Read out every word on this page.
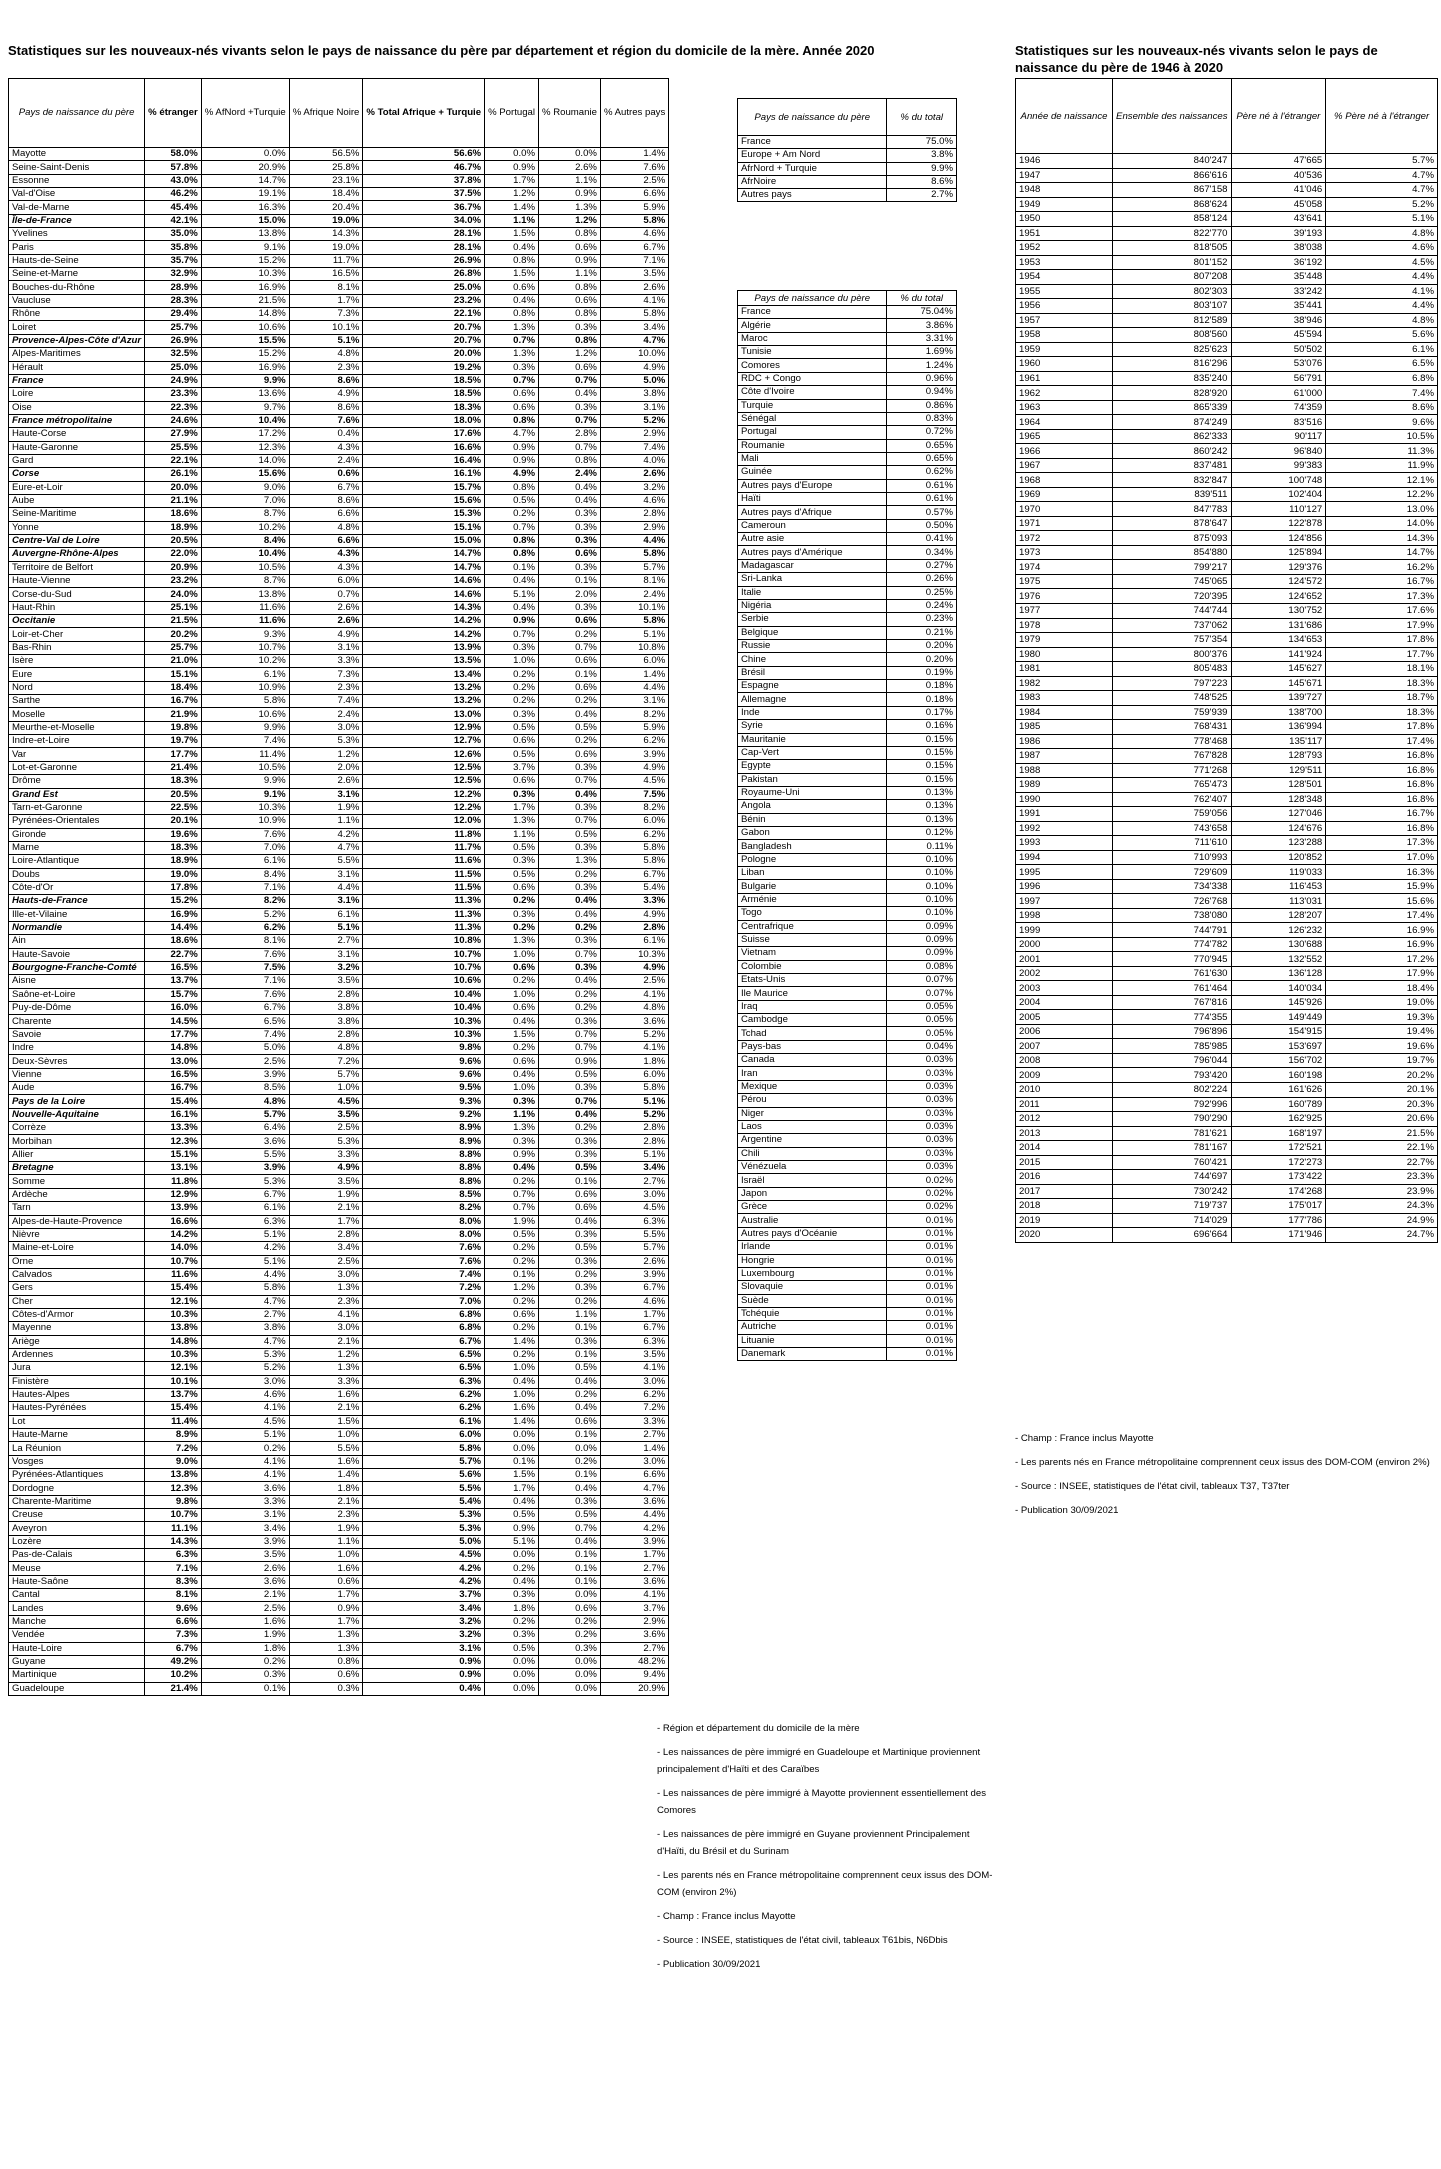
Statistiques sur les nouveaux-nés vivants selon le pays de naissance du père par département et région du domicile de la mère. Année 2020	Statistiques sur les nouveaux-nés vivants selon le pays de naissance du père de 1946 à 2020
Pays de naissance du père	% étranger	% AfNord +Turquie	% Afrique Noire	% Total Afrique + Turquie	% Portugal	% Roumanie	% Autres pays
Mayotte	58.0%	0.0%	56.5%	56.6%	0.0%	0.0%	1.4%
Seine-Saint-Denis	57.8%	20.9%	25.8%	46.7%	0.9%	2.6%	7.6%
Essonne	43.0%	14.7%	23.1%	37.8%	1.7%	1.1%	2.5%
Val-d'Oise	46.2%	19.1%	18.4%	37.5%	1.2%	0.9%	6.6%
Val-de-Marne	45.4%	16.3%	20.4%	36.7%	1.4%	1.3%	5.9%
Île-de-France	42.1%	15.0%	19.0%	34.0%	1.1%	1.2%	5.8%
Yvelines	35.0%	13.8%	14.3%	28.1%	1.5%	0.8%	4.6%
Paris	35.8%	9.1%	19.0%	28.1%	0.4%	0.6%	6.7%
Hauts-de-Seine	35.7%	15.2%	11.7%	26.9%	0.8%	0.9%	7.1%
Seine-et-Marne	32.9%	10.3%	16.5%	26.8%	1.5%	1.1%	3.5%
Bouches-du-Rhône	28.9%	16.9%	8.1%	25.0%	0.6%	0.8%	2.6%
Vaucluse	28.3%	21.5%	1.7%	23.2%	0.4%	0.6%	4.1%
Rhône	29.4%	14.8%	7.3%	22.1%	0.8%	0.8%	5.8%
Loiret	25.7%	10.6%	10.1%	20.7%	1.3%	0.3%	3.4%
Provence-Alpes-Côte d'Azur	26.9%	15.5%	5.1%	20.7%	0.7%	0.8%	4.7%
Alpes-Maritimes	32.5%	15.2%	4.8%	20.0%	1.3%	1.2%	10.0%
Hérault	25.0%	16.9%	2.3%	19.2%	0.3%	0.6%	4.9%
France	24.9%	9.9%	8.6%	18.5%	0.7%	0.7%	5.0%
Loire	23.3%	13.6%	4.9%	18.5%	0.6%	0.4%	3.8%
Oise	22.3%	9.7%	8.6%	18.3%	0.6%	0.3%	3.1%
France métropolitaine	24.6%	10.4%	7.6%	18.0%	0.8%	0.7%	5.2%
Haute-Corse	27.9%	17.2%	0.4%	17.6%	4.7%	2.8%	2.9%
Haute-Garonne	25.5%	12.3%	4.3%	16.6%	0.9%	0.7%	7.4%
Gard	22.1%	14.0%	2.4%	16.4%	0.9%	0.8%	4.0%
Corse	26.1%	15.6%	0.6%	16.1%	4.9%	2.4%	2.6%
Eure-et-Loir	20.0%	9.0%	6.7%	15.7%	0.8%	0.4%	3.2%
Aube	21.1%	7.0%	8.6%	15.6%	0.5%	0.4%	4.6%
Seine-Maritime	18.6%	8.7%	6.6%	15.3%	0.2%	0.3%	2.8%
Yonne	18.9%	10.2%	4.8%	15.1%	0.7%	0.3%	2.9%
Centre-Val de Loire	20.5%	8.4%	6.6%	15.0%	0.8%	0.3%	4.4%
Auvergne-Rhône-Alpes	22.0%	10.4%	4.3%	14.7%	0.8%	0.6%	5.8%
Territoire de Belfort	20.9%	10.5%	4.3%	14.7%	0.1%	0.3%	5.7%
Haute-Vienne	23.2%	8.7%	6.0%	14.6%	0.4%	0.1%	8.1%
Corse-du-Sud	24.0%	13.8%	0.7%	14.6%	5.1%	2.0%	2.4%
Haut-Rhin	25.1%	11.6%	2.6%	14.3%	0.4%	0.3%	10.1%
Occitanie	21.5%	11.6%	2.6%	14.2%	0.9%	0.6%	5.8%
Loir-et-Cher	20.2%	9.3%	4.9%	14.2%	0.7%	0.2%	5.1%
Bas-Rhin	25.7%	10.7%	3.1%	13.9%	0.3%	0.7%	10.8%
Isère	21.0%	10.2%	3.3%	13.5%	1.0%	0.6%	6.0%
Eure	15.1%	6.1%	7.3%	13.4%	0.2%	0.1%	1.4%
Nord	18.4%	10.9%	2.3%	13.2%	0.2%	0.6%	4.4%
Sarthe	16.7%	5.8%	7.4%	13.2%	0.2%	0.2%	3.1%
Moselle	21.9%	10.6%	2.4%	13.0%	0.3%	0.4%	8.2%
Meurthe-et-Moselle	19.8%	9.9%	3.0%	12.9%	0.5%	0.5%	5.9%
Indre-et-Loire	19.7%	7.4%	5.3%	12.7%	0.6%	0.2%	6.2%
Var	17.7%	11.4%	1.2%	12.6%	0.5%	0.6%	3.9%
Lot-et-Garonne	21.4%	10.5%	2.0%	12.5%	3.7%	0.3%	4.9%
Drôme	18.3%	9.9%	2.6%	12.5%	0.6%	0.7%	4.5%
Grand Est	20.5%	9.1%	3.1%	12.2%	0.3%	0.4%	7.5%
Tarn-et-Garonne	22.5%	10.3%	1.9%	12.2%	1.7%	0.3%	8.2%
Pyrénées-Orientales	20.1%	10.9%	1.1%	12.0%	1.3%	0.7%	6.0%
Gironde	19.6%	7.6%	4.2%	11.8%	1.1%	0.5%	6.2%
Marne	18.3%	7.0%	4.7%	11.7%	0.5%	0.3%	5.8%
Loire-Atlantique	18.9%	6.1%	5.5%	11.6%	0.3%	1.3%	5.8%
Doubs	19.0%	8.4%	3.1%	11.5%	0.5%	0.2%	6.7%
Côte-d'Or	17.8%	7.1%	4.4%	11.5%	0.6%	0.3%	5.4%
Hauts-de-France	15.2%	8.2%	3.1%	11.3%	0.2%	0.4%	3.3%
Ille-et-Vilaine	16.9%	5.2%	6.1%	11.3%	0.3%	0.4%	4.9%
Normandie	14.4%	6.2%	5.1%	11.3%	0.2%	0.2%	2.8%
Ain	18.6%	8.1%	2.7%	10.8%	1.3%	0.3%	6.1%
Haute-Savoie	22.7%	7.6%	3.1%	10.7%	1.0%	0.7%	10.3%
Bourgogne-Franche-Comté	16.5%	7.5%	3.2%	10.7%	0.6%	0.3%	4.9%
Aisne	13.7%	7.1%	3.5%	10.6%	0.2%	0.4%	2.5%
Saône-et-Loire	15.7%	7.6%	2.8%	10.4%	1.0%	0.2%	4.1%
Puy-de-Dôme	16.0%	6.7%	3.8%	10.4%	0.6%	0.2%	4.8%
Charente	14.5%	6.5%	3.8%	10.3%	0.4%	0.3%	3.6%
Savoie	17.7%	7.4%	2.8%	10.3%	1.5%	0.7%	5.2%
Indre	14.8%	5.0%	4.8%	9.8%	0.2%	0.7%	4.1%
Deux-Sèvres	13.0%	2.5%	7.2%	9.6%	0.6%	0.9%	1.8%
Vienne	16.5%	3.9%	5.7%	9.6%	0.4%	0.5%	6.0%
Aude	16.7%	8.5%	1.0%	9.5%	1.0%	0.3%	5.8%
Pays de la Loire	15.4%	4.8%	4.5%	9.3%	0.3%	0.7%	5.1%
Nouvelle-Aquitaine	16.1%	5.7%	3.5%	9.2%	1.1%	0.4%	5.2%
Corrèze	13.3%	6.4%	2.5%	8.9%	1.3%	0.2%	2.8%
Morbihan	12.3%	3.6%	5.3%	8.9%	0.3%	0.3%	2.8%
Allier	15.1%	5.5%	3.3%	8.8%	0.9%	0.3%	5.1%
Bretagne	13.1%	3.9%	4.9%	8.8%	0.4%	0.5%	3.4%
Somme	11.8%	5.3%	3.5%	8.8%	0.2%	0.1%	2.7%
Ardèche	12.9%	6.7%	1.9%	8.5%	0.7%	0.6%	3.0%
Tarn	13.9%	6.1%	2.1%	8.2%	0.7%	0.6%	4.5%
Alpes-de-Haute-Provence	16.6%	6.3%	1.7%	8.0%	1.9%	0.4%	6.3%
Nièvre	14.2%	5.1%	2.8%	8.0%	0.5%	0.3%	5.5%
Maine-et-Loire	14.0%	4.2%	3.4%	7.6%	0.2%	0.5%	5.7%
Orne	10.7%	5.1%	2.5%	7.6%	0.2%	0.3%	2.6%
Calvados	11.6%	4.4%	3.0%	7.4%	0.1%	0.2%	3.9%
Gers	15.4%	5.8%	1.3%	7.2%	1.2%	0.3%	6.7%
Cher	12.1%	4.7%	2.3%	7.0%	0.2%	0.2%	4.6%
Côtes-d'Armor	10.3%	2.7%	4.1%	6.8%	0.6%	1.1%	1.7%
Mayenne	13.8%	3.8%	3.0%	6.8%	0.2%	0.1%	6.7%
Ariège	14.8%	4.7%	2.1%	6.7%	1.4%	0.3%	6.3%
Ardennes	10.3%	5.3%	1.2%	6.5%	0.2%	0.1%	3.5%
Jura	12.1%	5.2%	1.3%	6.5%	1.0%	0.5%	4.1%
Finistère	10.1%	3.0%	3.3%	6.3%	0.4%	0.4%	3.0%
Hautes-Alpes	13.7%	4.6%	1.6%	6.2%	1.0%	0.2%	6.2%
Hautes-Pyrénées	15.4%	4.1%	2.1%	6.2%	1.6%	0.4%	7.2%
Lot	11.4%	4.5%	1.5%	6.1%	1.4%	0.6%	3.3%
Haute-Marne	8.9%	5.1%	1.0%	6.0%	0.0%	0.1%	2.7%
La Réunion	7.2%	0.2%	5.5%	5.8%	0.0%	0.0%	1.4%
Vosges	9.0%	4.1%	1.6%	5.7%	0.1%	0.2%	3.0%
Pyrénées-Atlantiques	13.8%	4.1%	1.4%	5.6%	1.5%	0.1%	6.6%
Dordogne	12.3%	3.6%	1.8%	5.5%	1.7%	0.4%	4.7%
Charente-Maritime	9.8%	3.3%	2.1%	5.4%	0.4%	0.3%	3.6%
Creuse	10.7%	3.1%	2.3%	5.3%	0.5%	0.5%	4.4%
Aveyron	11.1%	3.4%	1.9%	5.3%	0.9%	0.7%	4.2%
Lozère	14.3%	3.9%	1.1%	5.0%	5.1%	0.4%	3.9%
Pas-de-Calais	6.3%	3.5%	1.0%	4.5%	0.0%	0.1%	1.7%
Meuse	7.1%	2.6%	1.6%	4.2%	0.2%	0.1%	2.7%
Haute-Saône	8.3%	3.6%	0.6%	4.2%	0.4%	0.1%	3.6%
Cantal	8.1%	2.1%	1.7%	3.7%	0.3%	0.0%	4.1%
Landes	9.6%	2.5%	0.9%	3.4%	1.8%	0.6%	3.7%
Manche	6.6%	1.6%	1.7%	3.2%	0.2%	0.2%	2.9%
Vendée	7.3%	1.9%	1.3%	3.2%	0.3%	0.2%	3.6%
Haute-Loire	6.7%	1.8%	1.3%	3.1%	0.5%	0.3%	2.7%
Guyane	49.2%	0.2%	0.8%	0.9%	0.0%	0.0%	48.2%
Martinique	10.2%	0.3%	0.6%	0.9%	0.0%	0.0%	9.4%
Guadeloupe	21.4%	0.1%	0.3%	0.4%	0.0%	0.0%	20.9%
Pays de naissance du père	% du total
France	75.0%
Europe + Am Nord	3.8%
AfrNord + Turquie	9.9%
AfrNoire	8.6%
Autres pays	2.7%
Pays de naissance du père	% du total
France	75.04%
Algérie	3.86%
Maroc	3.31%
Tunisie	1.69%
Comores	1.24%
RDC + Congo	0.96%
Côte d'Ivoire	0.94%
Turquie	0.86%
Sénégal	0.83%
Portugal	0.72%
Roumanie	0.65%
Mali	0.65%
Guinée	0.62%
Autres pays d'Europe	0.61%
Haïti	0.61%
Autres pays d'Afrique	0.57%
Cameroun	0.50%
Autre asie	0.41%
Autres pays d'Amérique	0.34%
Madagascar	0.27%
Sri-Lanka	0.26%
Italie	0.25%
Nigéria	0.24%
Serbie	0.23%
Belgique	0.21%
Russie	0.20%
Chine	0.20%
Brésil	0.19%
Espagne	0.18%
Allemagne	0.18%
Inde	0.17%
Syrie	0.16%
Mauritanie	0.15%
Cap-Vert	0.15%
Egypte	0.15%
Pakistan	0.15%
Royaume-Uni	0.13%
Angola	0.13%
Bénin	0.13%
Gabon	0.12%
Bangladesh	0.11%
Pologne	0.10%
Liban	0.10%
Bulgarie	0.10%
Arménie	0.10%
Togo	0.10%
Centrafrique	0.09%
Suisse	0.09%
Vietnam	0.09%
Colombie	0.08%
Etats-Unis	0.07%
Ile Maurice	0.07%
Iraq	0.05%
Cambodge	0.05%
Tchad	0.05%
Pays-bas	0.04%
Canada	0.03%
Iran	0.03%
Mexique	0.03%
Pérou	0.03%
Niger	0.03%
Laos	0.03%
Argentine	0.03%
Chili	0.03%
Vénézuela	0.03%
Israël	0.02%
Japon	0.02%
Grèce	0.02%
Australie	0.01%
Autres pays d'Océanie	0.01%
Irlande	0.01%
Hongrie	0.01%
Luxembourg	0.01%
Slovaquie	0.01%
Suède	0.01%
Tchéquie	0.01%
Autriche	0.01%
Lituanie	0.01%
Danemark	0.01%
Année de naissance	Ensemble des naissances	Père né à l'étranger	% Père né à l'étranger
1946	840'247	47'665	5.7%
1947	866'616	40'536	4.7%
1948	867'158	41'046	4.7%
1949	868'624	45'058	5.2%
1950	858'124	43'641	5.1%
1951	822'770	39'193	4.8%
1952	818'505	38'038	4.6%
1953	801'152	36'192	4.5%
1954	807'208	35'448	4.4%
1955	802'303	33'242	4.1%
1956	803'107	35'441	4.4%
1957	812'589	38'946	4.8%
1958	808'560	45'594	5.6%
1959	825'623	50'502	6.1%
1960	816'296	53'076	6.5%
1961	835'240	56'791	6.8%
1962	828'920	61'000	7.4%
1963	865'339	74'359	8.6%
1964	874'249	83'516	9.6%
1965	862'333	90'117	10.5%
1966	860'242	96'840	11.3%
1967	837'481	99'383	11.9%
1968	832'847	100'748	12.1%
1969	839'511	102'404	12.2%
1970	847'783	110'127	13.0%
1971	878'647	122'878	14.0%
1972	875'093	124'856	14.3%
1973	854'880	125'894	14.7%
1974	799'217	129'376	16.2%
1975	745'065	124'572	16.7%
1976	720'395	124'652	17.3%
1977	744'744	130'752	17.6%
1978	737'062	131'686	17.9%
1979	757'354	134'653	17.8%
1980	800'376	141'924	17.7%
1981	805'483	145'627	18.1%
1982	797'223	145'671	18.3%
1983	748'525	139'727	18.7%
1984	759'939	138'700	18.3%
1985	768'431	136'994	17.8%
1986	778'468	135'117	17.4%
1987	767'828	128'793	16.8%
1988	771'268	129'511	16.8%
1989	765'473	128'501	16.8%
1990	762'407	128'348	16.8%
1991	759'056	127'046	16.7%
1992	743'658	124'676	16.8%
1993	711'610	123'288	17.3%
1994	710'993	120'852	17.0%
1995	729'609	119'033	16.3%
1996	734'338	116'453	15.9%
1997	726'768	113'031	15.6%
1998	738'080	128'207	17.4%
1999	744'791	126'232	16.9%
2000	774'782	130'688	16.9%
2001	770'945	132'552	17.2%
2002	761'630	136'128	17.9%
2003	761'464	140'034	18.4%
2004	767'816	145'926	19.0%
2005	774'355	149'449	19.3%
2006	796'896	154'915	19.4%
2007	785'985	153'697	19.6%
2008	796'044	156'702	19.7%
2009	793'420	160'198	20.2%
2010	802'224	161'626	20.1%
2011	792'996	160'789	20.3%
2012	790'290	162'925	20.6%
2013	781'621	168'197	21.5%
2014	781'167	172'521	22.1%
2015	760'421	172'273	22.7%
2016	744'697	173'422	23.3%
2017	730'242	174'268	23.9%
2018	719'737	175'017	24.3%
2019	714'029	177'786	24.9%
2020	696'664	171'946	24.7%

- Région et département du domicile de la mère

- Les naissances de père immigré en Guadeloupe et Martinique proviennent principalement d'Haïti et des Caraïbes

- Les naissances de père immigré à Mayotte proviennent essentiellement des Comores

- Les naissances de père immigré en Guyane proviennent Principalement d'Haïti, du Brésil et du Surinam

- Les parents nés en France métropolitaine comprennent ceux issus des DOM-COM (environ 2%)

- Champ : France inclus Mayotte

- Source : INSEE, statistiques de l'état civil, tableaux T61bis, N6Dbis

- Publication 30/09/2021

- Champ : France inclus Mayotte

- Les parents nés en France métropolitaine comprennent ceux issus des DOM-COM (environ 2%)

- Source : INSEE, statistiques de l'état civil, tableaux T37, T37ter

- Publication 30/09/2021
